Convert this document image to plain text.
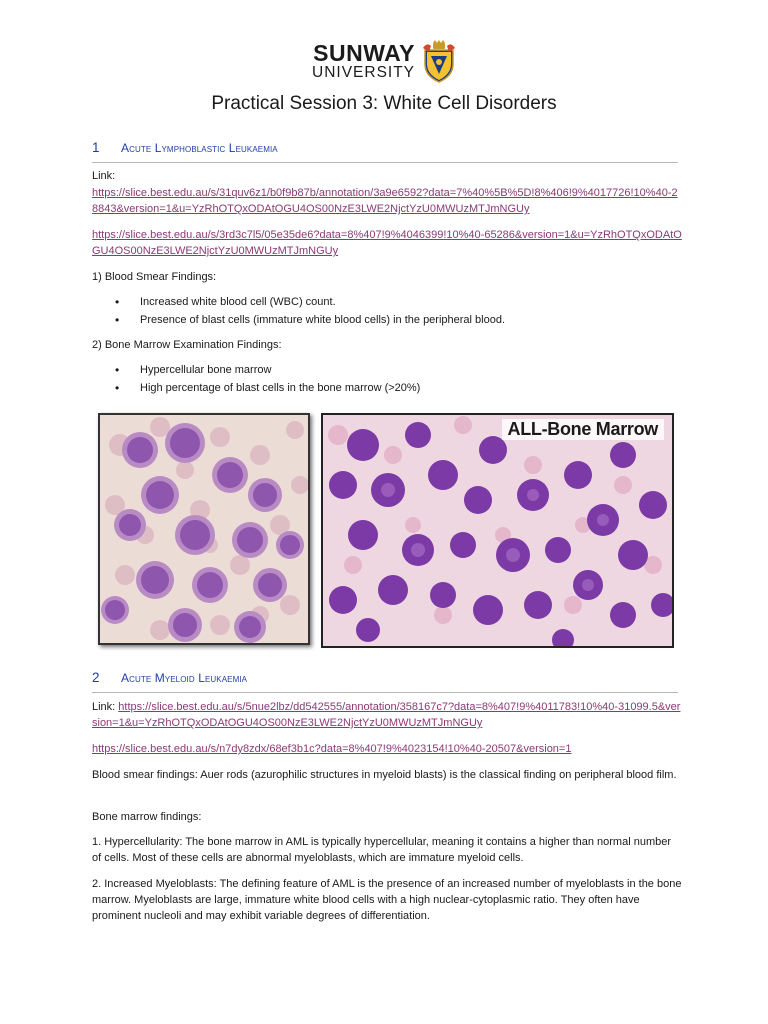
SUNWAY
UNIVERSITY
Practical Session 3: White Cell Disorders
1 Acute Lymphoblastic Leukaemia
Link:
https://slice.best.edu.au/s/31quv6z1/b0f9b87b/annotation/3a9e6592?data=7%40%5B%5D!8%406!9%4017726!10%40-28843&version=1&u=YzRhOTQxODAtOGU4OS00NzE3LWE2NjctYzU0MWUzMTJmNGUy
https://slice.best.edu.au/s/3rd3c7l5/05e35de6?data=8%407!9%4046399!10%40-65286&version=1&u=YzRhOTQxODAtOGU4OS00NzE3LWE2NjctYzU0MWUzMTJmNGUy
1) Blood Smear Findings:
• Increased white blood cell (WBC) count.
• Presence of blast cells (immature white blood cells) in the peripheral blood.
2) Bone Marrow Examination Findings:
• Hypercellular bone marrow
• High percentage of blast cells in the bone marrow (>20%)
ALL-Bone Marrow
2 Acute Myeloid Leukaemia
Link: https://slice.best.edu.au/s/5nue2lbz/dd542555/annotation/358167c7?data=8%407!9%4011783!10%40-31099.5&version=1&u=YzRhOTQxODAtOGU4OS00NzE3LWE2NjctYzU0MWUzMTJmNGUy
https://slice.best.edu.au/s/n7dy8zdx/68ef3b1c?data=8%407!9%4023154!10%40-20507&version=1
Blood smear findings: Auer rods (azurophilic structures in myeloid blasts) is the classical finding on peripheral blood film.
Bone marrow findings:
1. Hypercellularity: The bone marrow in AML is typically hypercellular, meaning it contains a higher than normal number of cells. Most of these cells are abnormal myeloblasts, which are immature myeloid cells.
2. Increased Myeloblasts: The defining feature of AML is the presence of an increased number of myeloblasts in the bone marrow. Myeloblasts are large, immature white blood cells with a high nuclear-cytoplasmic ratio. They often have prominent nucleoli and may exhibit variable degrees of differentiation.
